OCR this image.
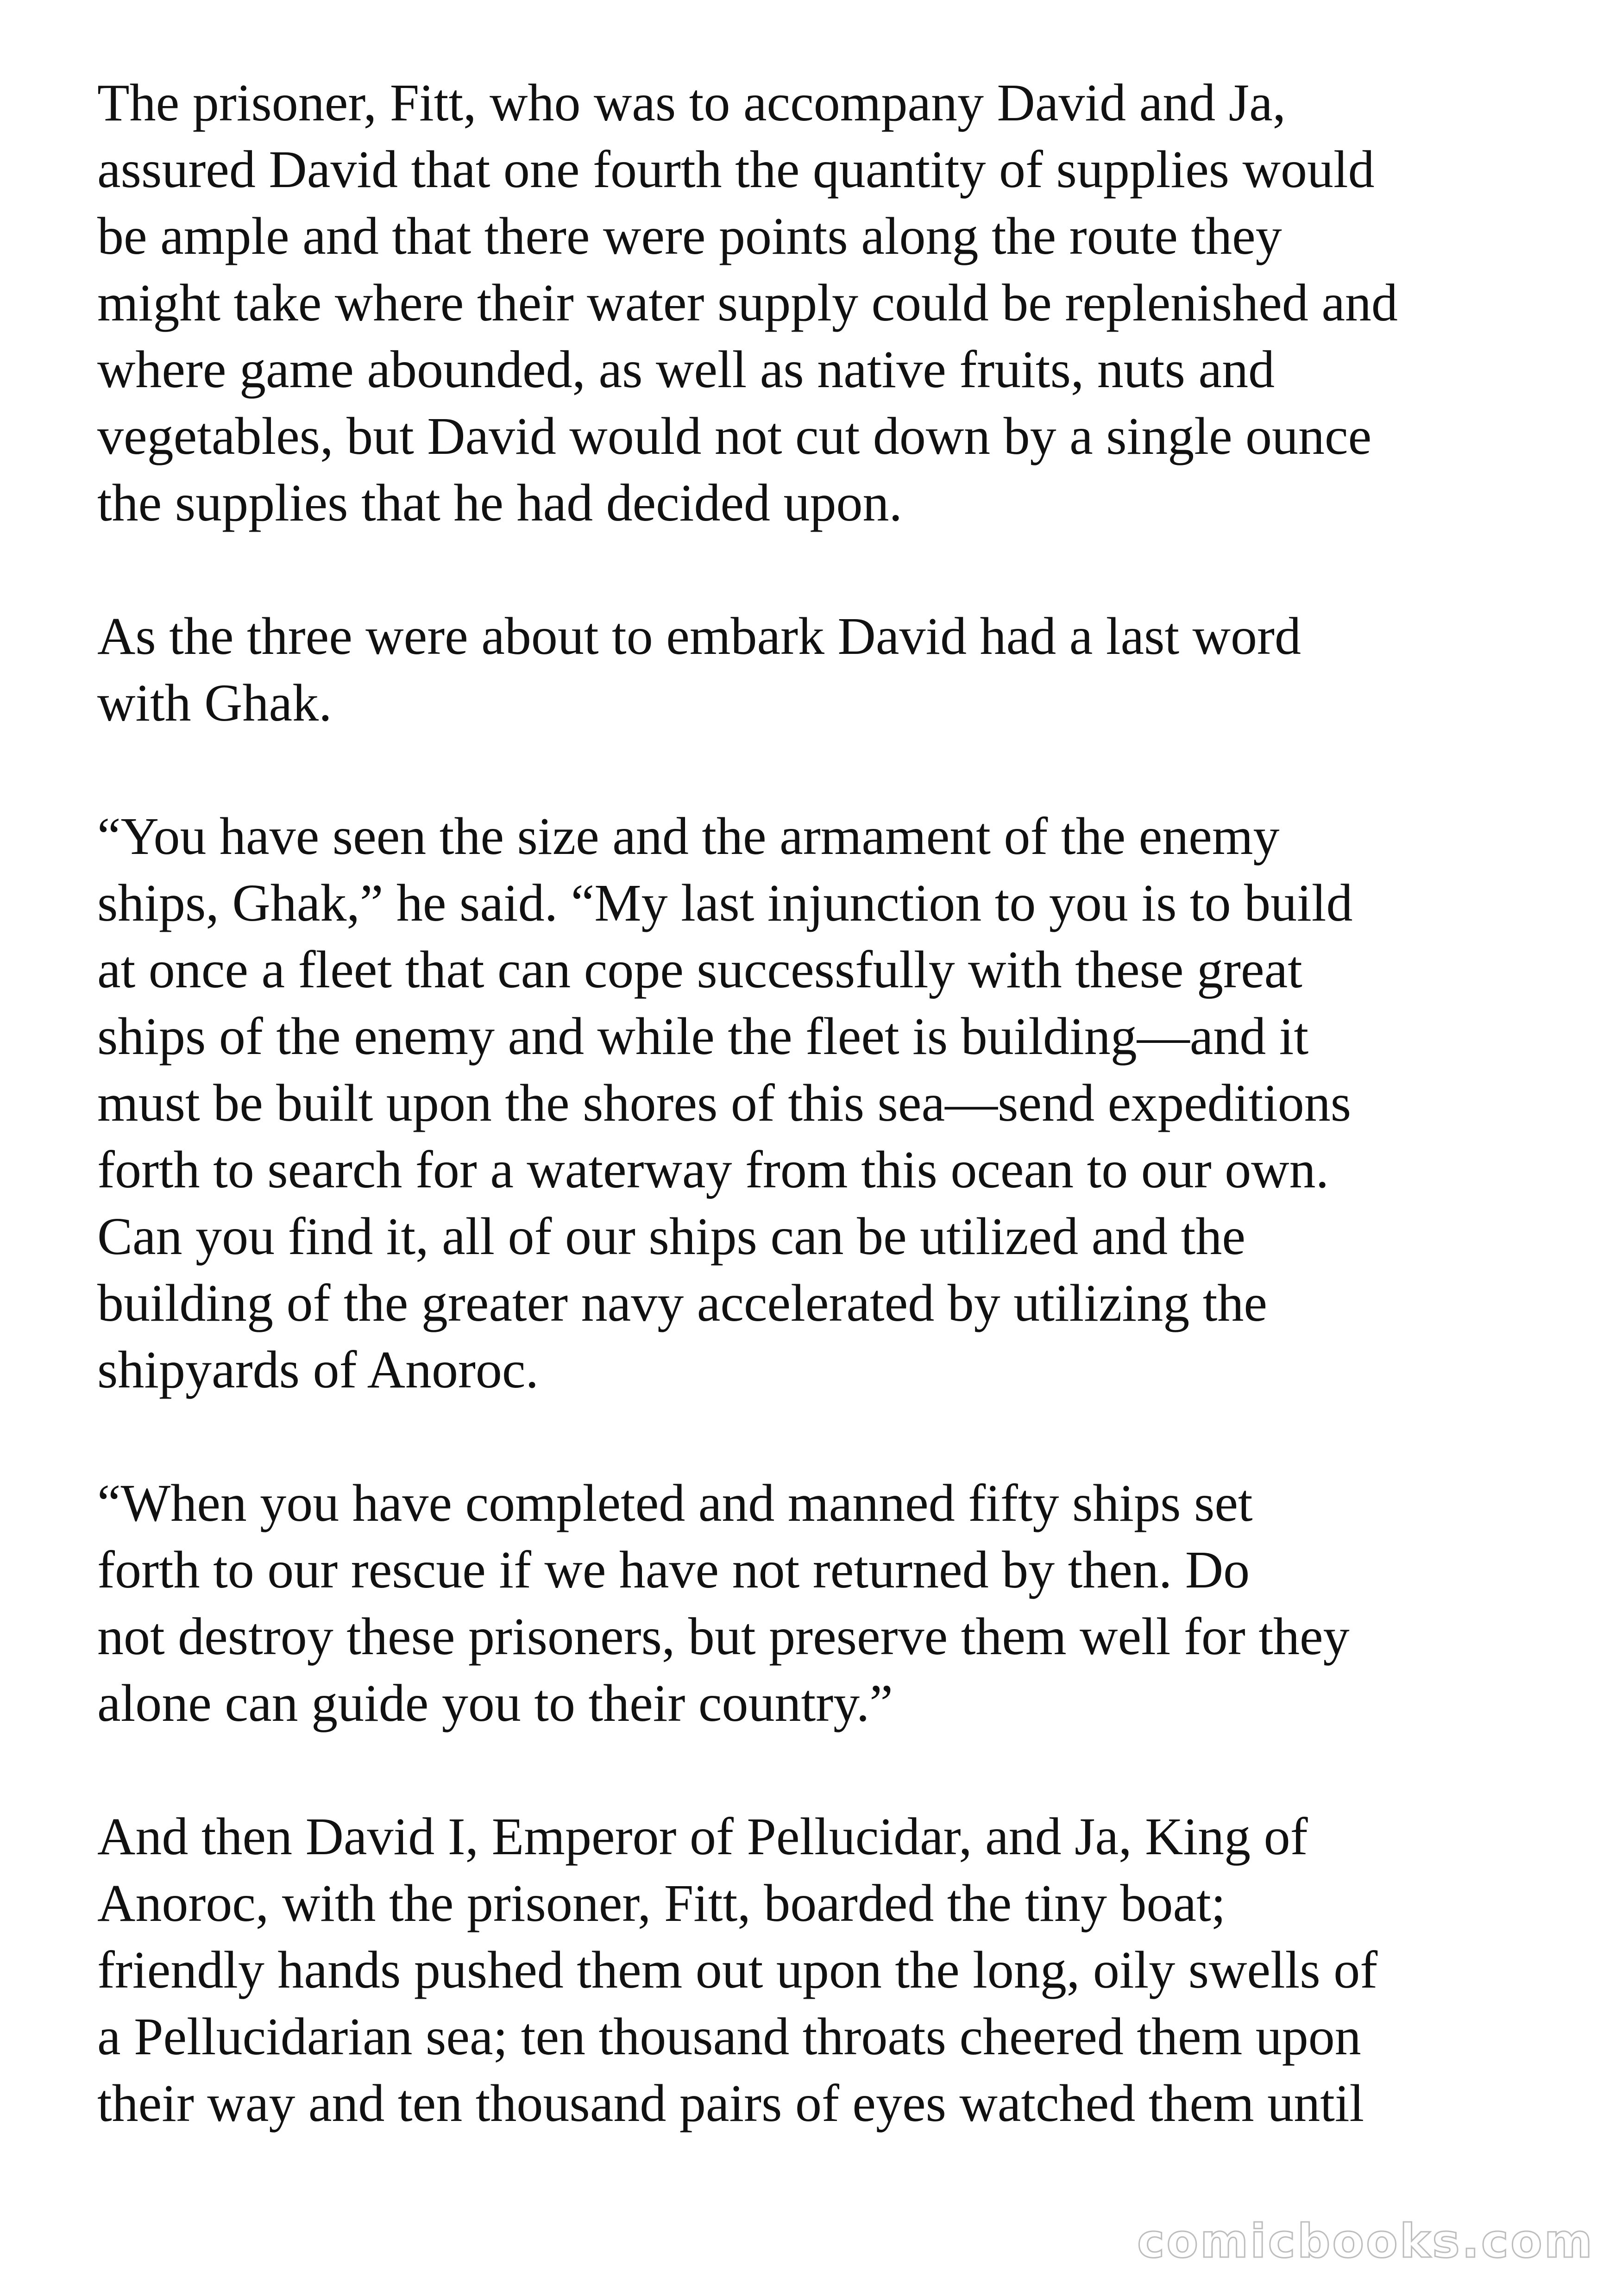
The prisoner, Fitt, who was to accompany David and Ja,
assured David that one fourth the quantity of supplies would
be ample and that there were points along the route they
might take where their water supply could be replenished and
where game abounded, as well as native fruits, nuts and
vegetables, but David would not cut down by a single ounce
the supplies that he had decided upon.
As the three were about to embark David had a last word
with Ghak.
“You have seen the size and the armament of the enemy
ships, Ghak,” he said. “My last injunction to you is to build
at once a fleet that can cope successfully with these great
ships of the enemy and while the fleet is building—and it
must be built upon the shores of this sea—send expeditions
forth to search for a waterway from this ocean to our own.
Can you find it, all of our ships can be utilized and the
building of the greater navy accelerated by utilizing the
shipyards of Anoroc.
“When you have completed and manned fifty ships set
forth to our rescue if we have not returned by then. Do
not destroy these prisoners, but preserve them well for they
alone can guide you to their country.”
And then David I, Emperor of Pellucidar, and Ja, King of
Anoroc, with the prisoner, Fitt, boarded the tiny boat;
friendly hands pushed them out upon the long, oily swells of
a Pellucidarian sea; ten thousand throats cheered them upon
their way and ten thousand pairs of eyes watched them until
comicbooks.com
